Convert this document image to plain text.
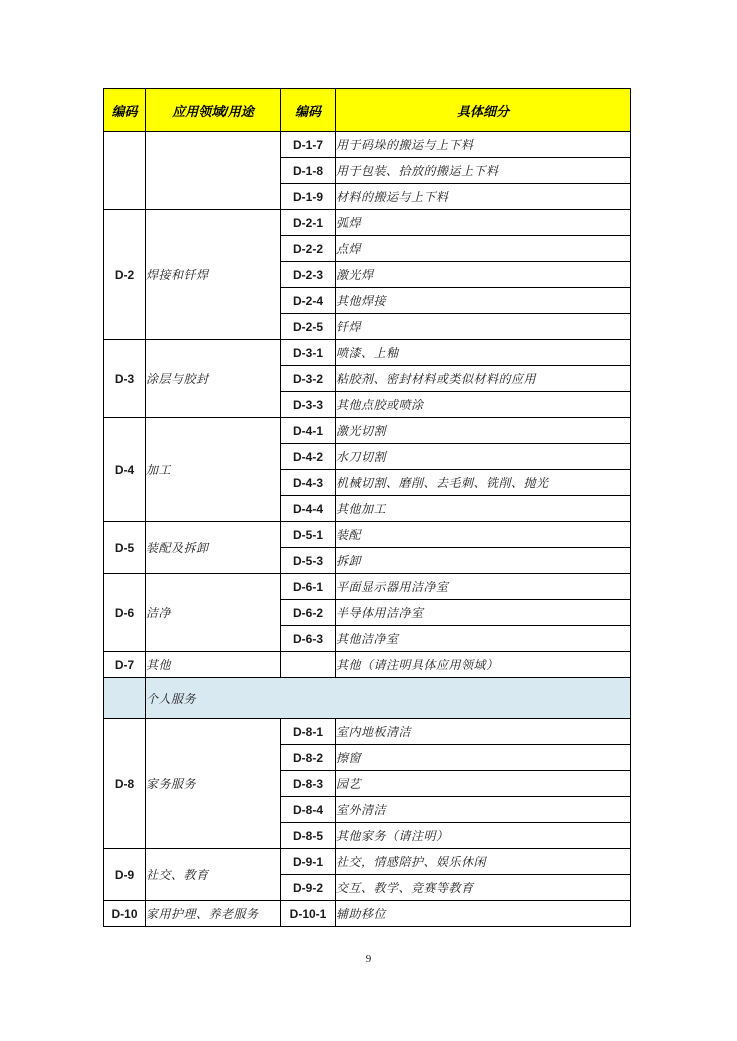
编码	应用领域/用途	编码	具体细分
		D-1-7	用于码垛的搬运与上下料
		D-1-8	用于包装、拾放的搬运上下料
		D-1-9	材料的搬运与上下料
D-2	焊接和钎焊	D-2-1	弧焊
		D-2-2	点焊
		D-2-3	激光焊
		D-2-4	其他焊接
		D-2-5	钎焊
D-3	涂层与胶封	D-3-1	喷漆、上釉
		D-3-2	粘胶剂、密封材料或类似材料的应用
		D-3-3	其他点胶或喷涂
D-4	加工	D-4-1	激光切割
		D-4-2	水刀切割
		D-4-3	机械切割、磨削、去毛刺、铣削、抛光
		D-4-4	其他加工
D-5	装配及拆卸	D-5-1	装配
		D-5-3	拆卸
D-6	洁净	D-6-1	平面显示器用洁净室
		D-6-2	半导体用洁净室
		D-6-3	其他洁净室
D-7	其他		其他（请注明具体应用领域）
	个人服务		
D-8	家务服务	D-8-1	室内地板清洁
		D-8-2	擦窗
		D-8-3	园艺
		D-8-4	室外清洁
		D-8-5	其他家务（请注明）
D-9	社交、教育	D-9-1	社交，情感陪护、娱乐休闲
		D-9-2	交互、教学、竞赛等教育
D-10	家用护理、养老服务	D-10-1	辅助移位
9
